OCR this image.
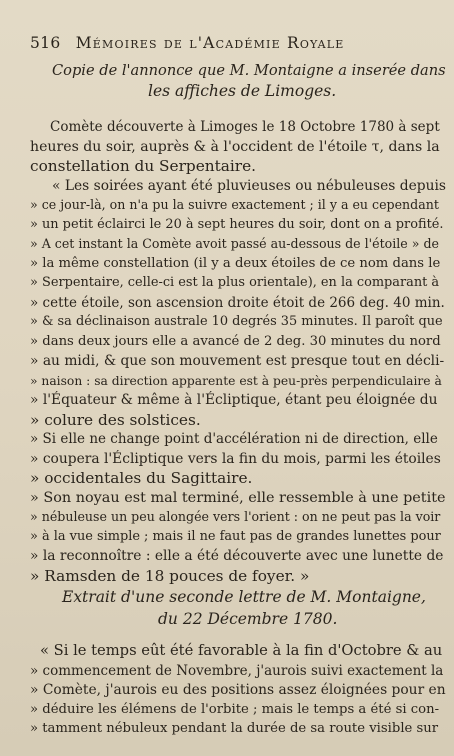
516 Mémoires de l'Académie Royale
Copie de l'annonce que M. Montaigne a inserée dans
les affiches de Limoges.
Comète découverte à Limoges le 18 Octobre 1780 à sept
heures du soir, auprès & à l'occident de l'étoile τ, dans la
constellation du Serpentaire.
« Les soirées ayant été pluvieuses ou nébuleuses depuis
» ce jour-là, on n'a pu la suivre exactement ; il y a eu cependant
» un petit éclairci le 20 à sept heures du soir, dont on a profité.
» A cet instant la Comète avoit passé au-dessous de l'étoile » de
» la même constellation (il y a deux étoiles de ce nom dans le
» Serpentaire, celle-ci est la plus orientale), en la comparant à
» cette étoile, son ascension droite étoit de 266 deg. 40 min.
» & sa déclinaison australe 10 degrés 35 minutes. Il paroît que
» dans deux jours elle a avancé de 2 deg. 30 minutes du nord
» au midi, & que son mouvement est presque tout en décli-
» naison : sa direction apparente est à peu-près perpendiculaire à
» l'Équateur & même à l'Écliptique, étant peu éloignée du
» colure des solstices.
» Si elle ne change point d'accélération ni de direction, elle
» coupera l'Écliptique vers la fin du mois, parmi les étoiles
» occidentales du Sagittaire.
» Son noyau est mal terminé, elle ressemble à une petite
» nébuleuse un peu alongée vers l'orient : on ne peut pas la voir
» à la vue simple ; mais il ne faut pas de grandes lunettes pour
» la reconnoître : elle a été découverte avec une lunette de
» Ramsden de 18 pouces de foyer. »
Extrait d'une seconde lettre de M. Montaigne,
du 22 Décembre 1780.
« Si le temps eût été favorable à la fin d'Octobre & au
» commencement de Novembre, j'aurois suivi exactement la
» Comète, j'aurois eu des positions assez éloignées pour en
» déduire les élémens de l'orbite ; mais le temps a été si con-
» tamment nébuleux pendant la durée de sa route visible sur
